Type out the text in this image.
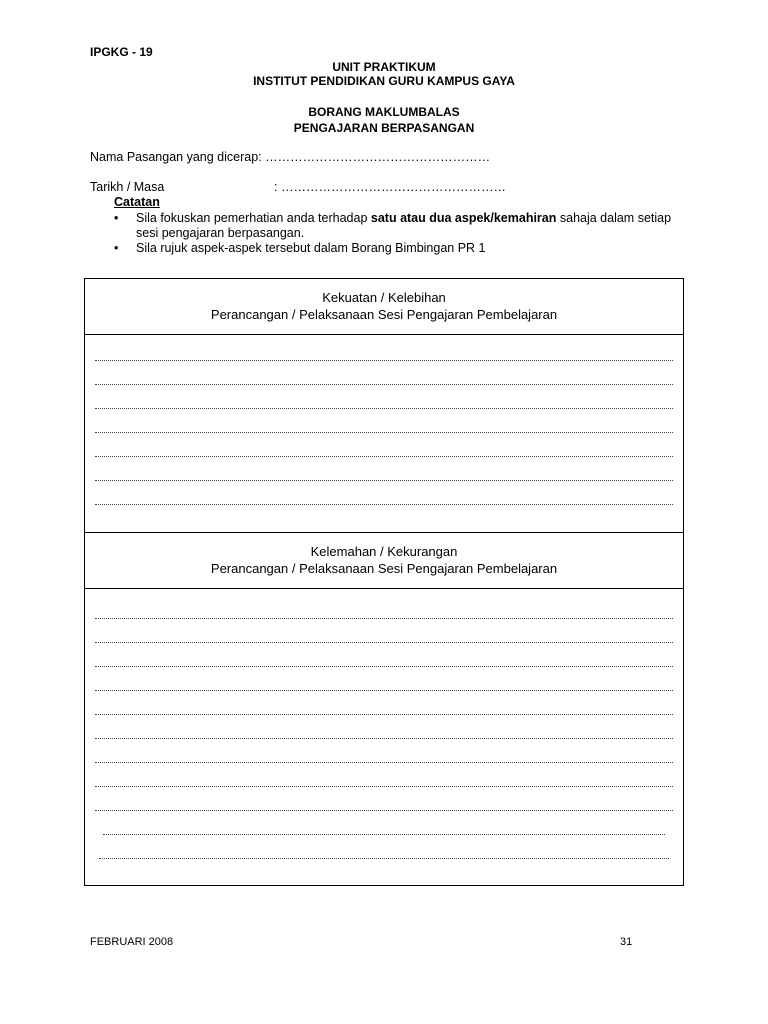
IPGKG - 19
UNIT PRAKTIKUM
INSTITUT PENDIDIKAN GURU KAMPUS GAYA
BORANG MAKLUMBALAS
PENGAJARAN BERPASANGAN
Nama Pasangan yang dicerap: ………………………………………………
Tarikh / Masa	: ………………………………………………
Catatan
• Sila fokuskan pemerhatian anda terhadap satu atau dua aspek/kemahiran sahaja dalam setiap sesi pengajaran berpasangan.
• Sila rujuk aspek-aspek tersebut dalam Borang Bimbingan PR 1
Kekuatan / Kelebihan
Perancangan / Pelaksanaan Sesi Pengajaran Pembelajaran
Kelemahan / Kekurangan
Perancangan / Pelaksanaan Sesi Pengajaran Pembelajaran
FEBRUARI 2008	31
